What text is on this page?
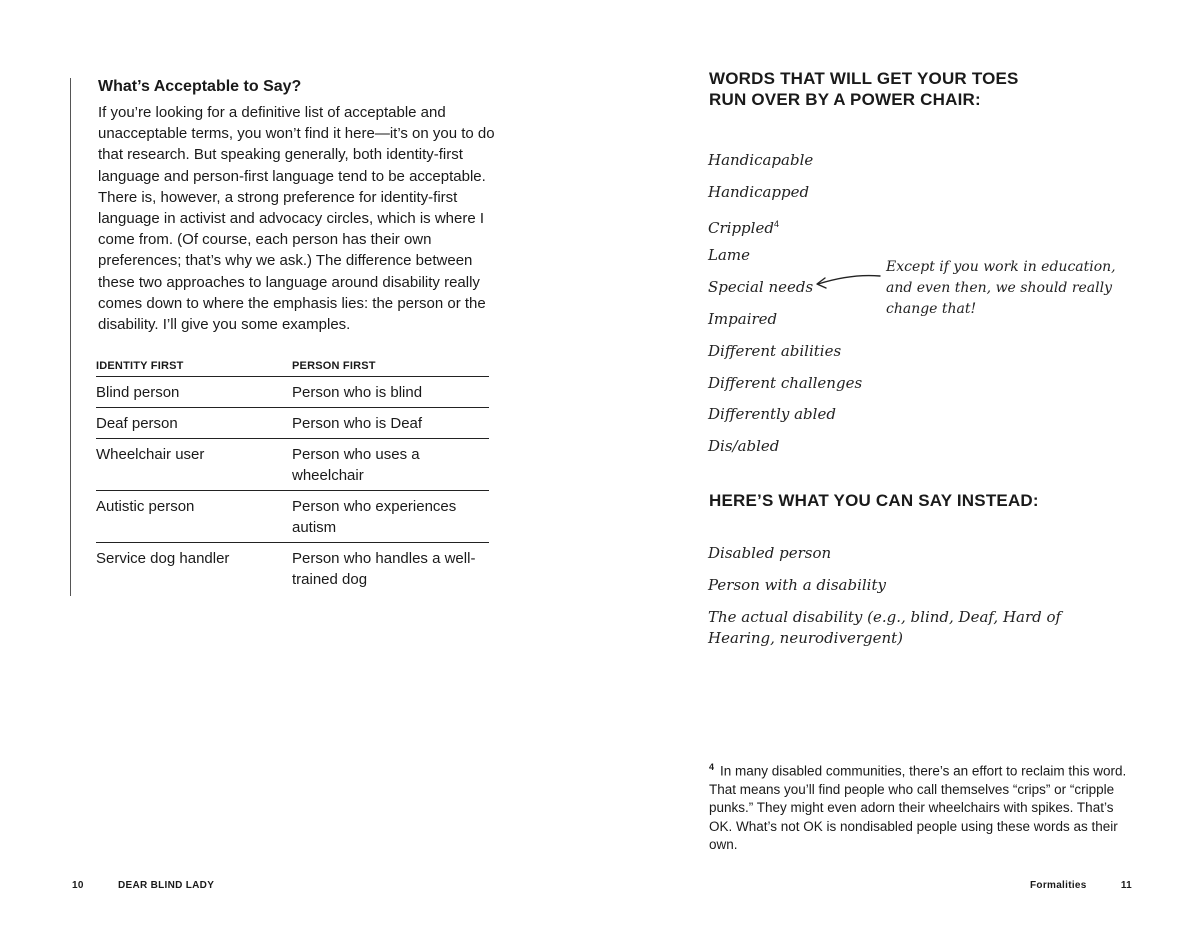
What’s Acceptable to Say?

If you’re looking for a definitive list of acceptable and unacceptable terms, you won’t find it here—it’s on you to do that research. But speaking generally, both identity-first language and person-first language tend to be acceptable. There is, however, a strong preference for identity-first language in activist and advocacy circles, which is where I come from. (Of course, each person has their own preferences; that’s why we ask.) The difference between these two approaches to language around disability really comes down to where the emphasis lies: the person or the disability. I’ll give you some examples.

IDENTITY FIRST	PERSON FIRST
Blind person	Person who is blind
Deaf person	Person who is Deaf
Wheelchair user	Person who uses a wheelchair
Autistic person	Person who experiences autism
Service dog handler	Person who handles a well-trained dog
10	DEAR BLIND LADY
WORDS THAT WILL GET YOUR TOES RUN OVER BY A POWER CHAIR:
Handicapable
Handicapped
Crippled$^4$
Lame
Special needs
Impaired
Different abilities
Different challenges
Differently abled
Dis/abled

Except if you work in education, and even then, we should really change that!

HERE’S WHAT YOU CAN SAY INSTEAD:
Disabled person
Person with a disability
The actual disability (e.g., blind, Deaf, Hard of Hearing, neurodivergent)

$^4$ In many disabled communities, there’s an effort to reclaim this word. That means you’ll find people who call themselves “crips” or “cripple punks.” They might even adorn their wheelchairs with spikes. That’s OK. What’s not OK is nondisabled people using these words as their own.

Formalities	11
